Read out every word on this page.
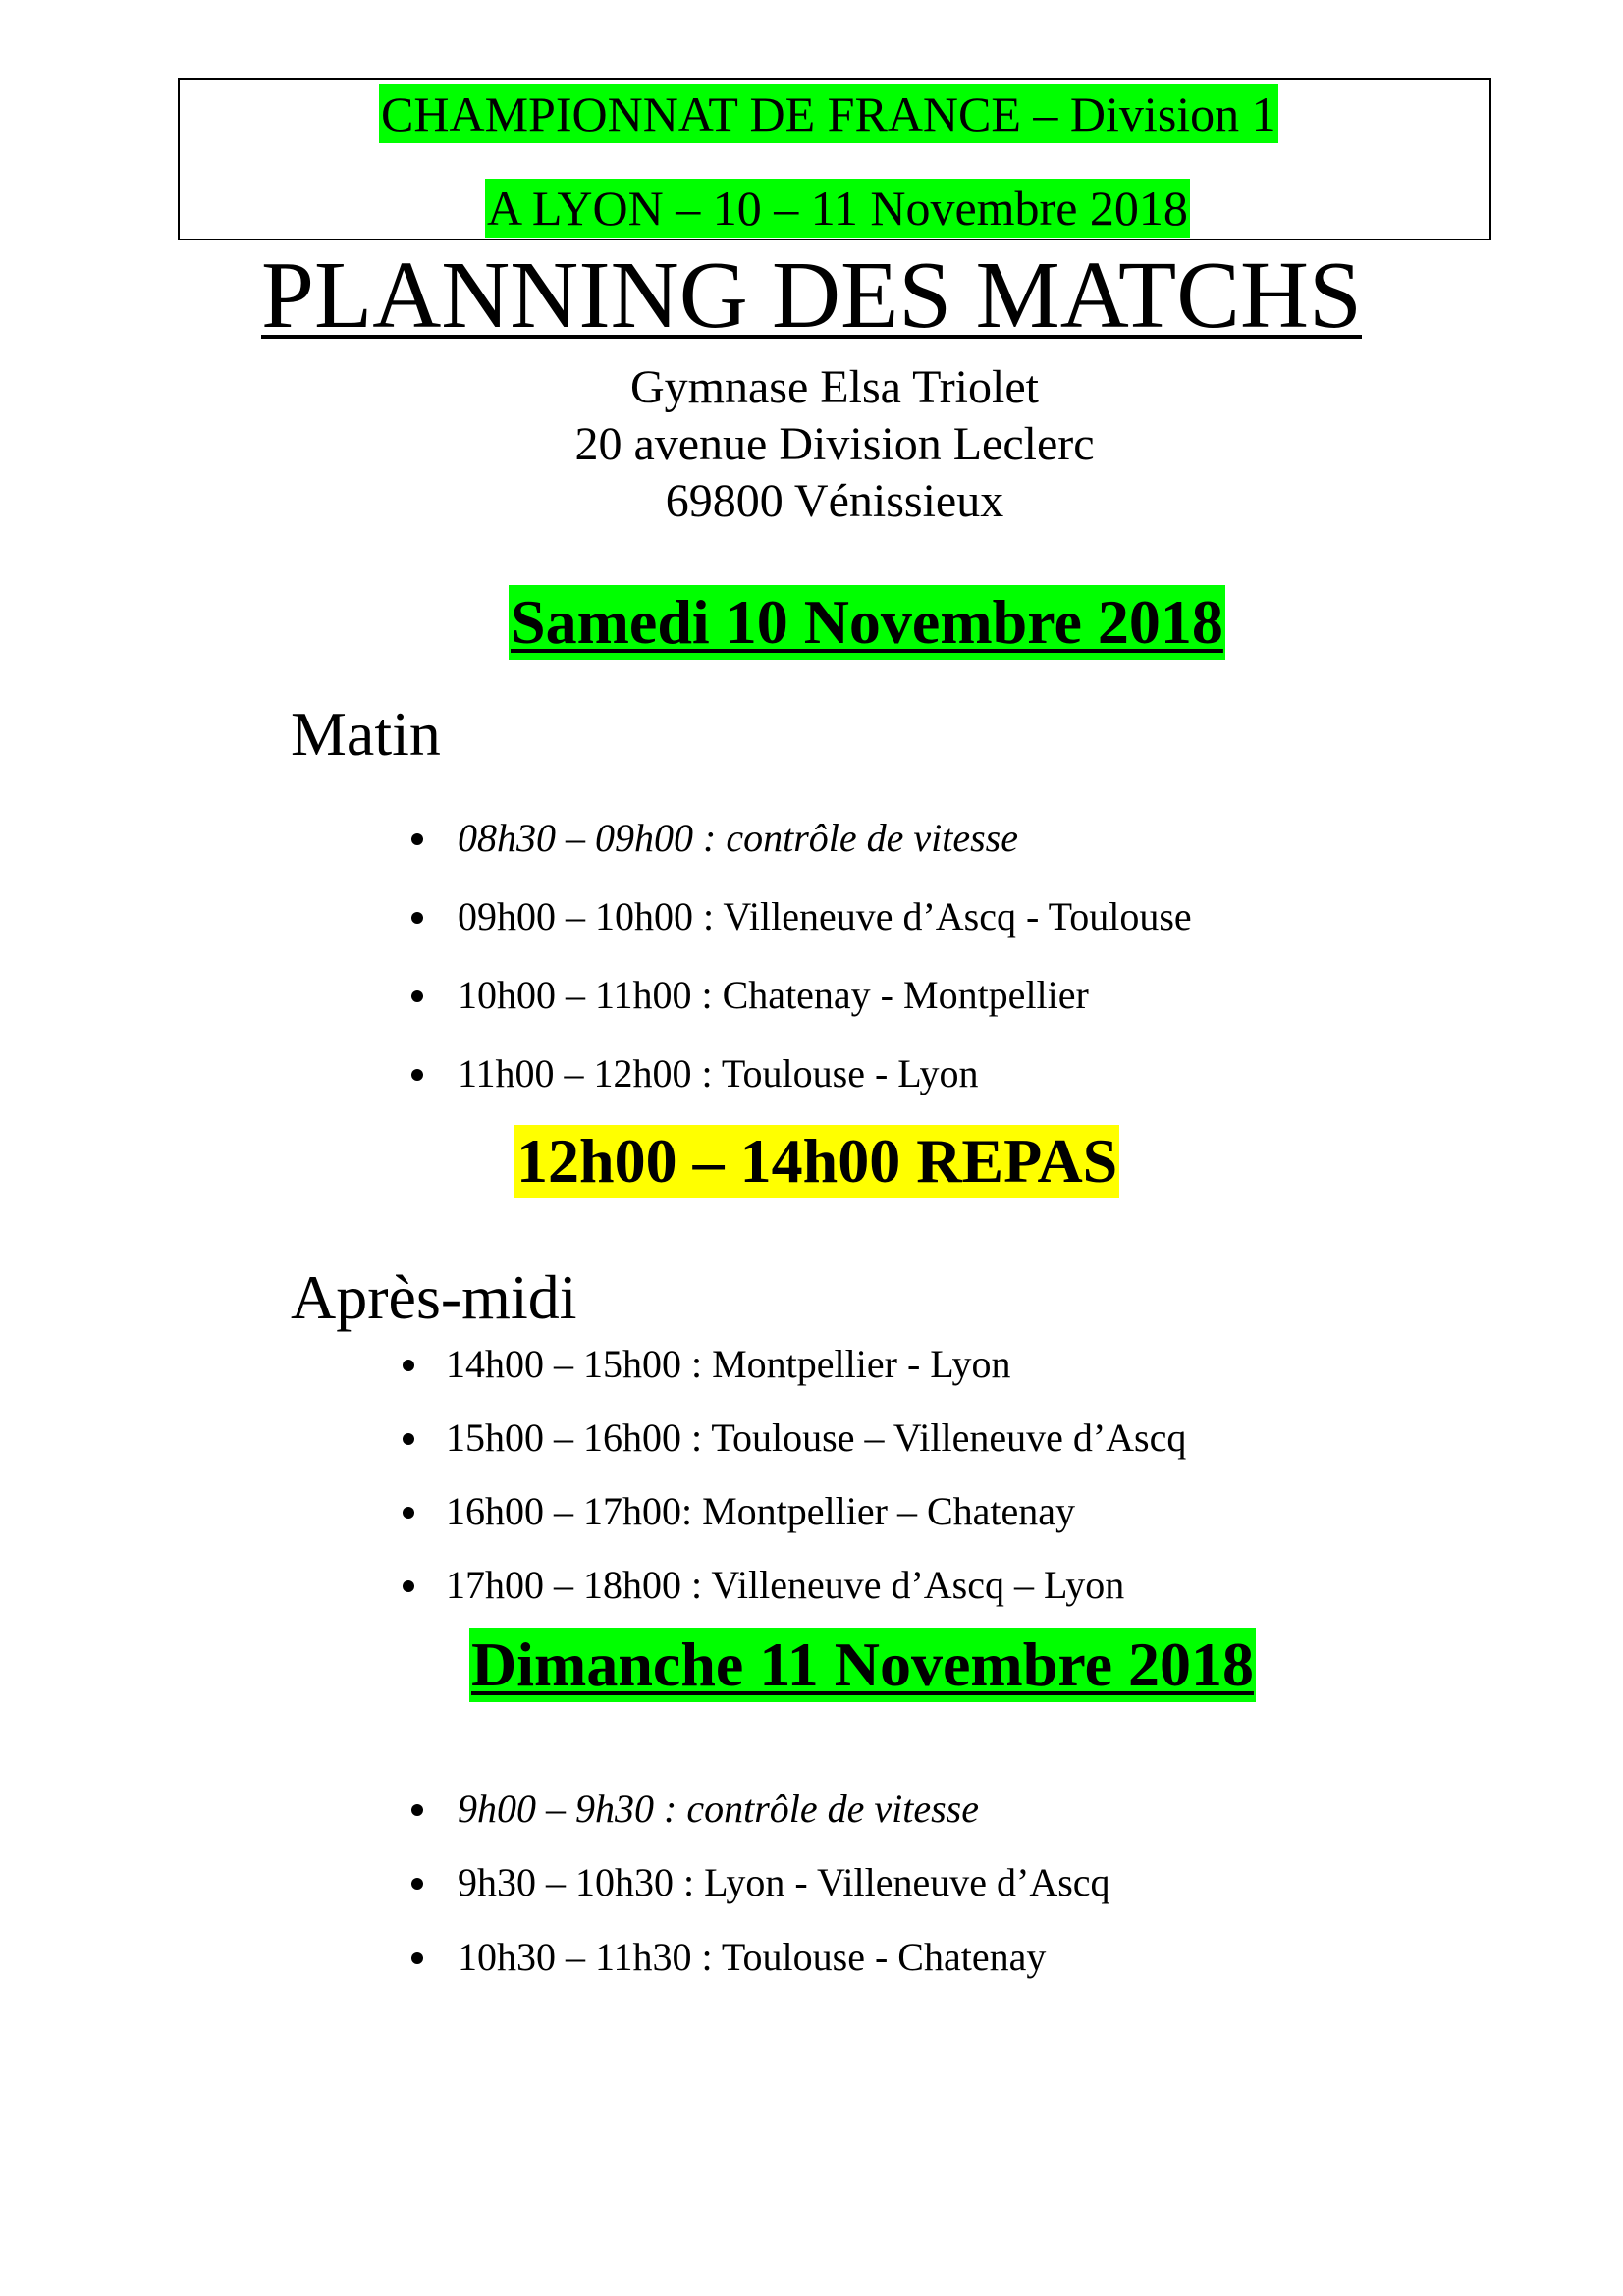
CHAMPIONNAT DE FRANCE – Division 1
A LYON – 10 – 11 Novembre 2018
PLANNING DES MATCHS
Gymnase Elsa Triolet
20 avenue Division Leclerc
69800 Vénissieux
Samedi 10 Novembre 2018
Matin
08h30 – 09h00 : contrôle de vitesse
09h00 – 10h00 : Villeneuve d’Ascq - Toulouse
10h00 – 11h00 : Chatenay - Montpellier
11h00 – 12h00 : Toulouse - Lyon
12h00 – 14h00 REPAS
Après-midi
14h00 – 15h00 : Montpellier - Lyon
15h00 – 16h00 : Toulouse – Villeneuve d’Ascq
16h00 – 17h00: Montpellier – Chatenay
17h00 – 18h00 : Villeneuve d’Ascq – Lyon
Dimanche 11 Novembre 2018
9h00 – 9h30 : contrôle de vitesse
9h30 – 10h30 : Lyon - Villeneuve d’Ascq
10h30 – 11h30 : Toulouse - Chatenay
